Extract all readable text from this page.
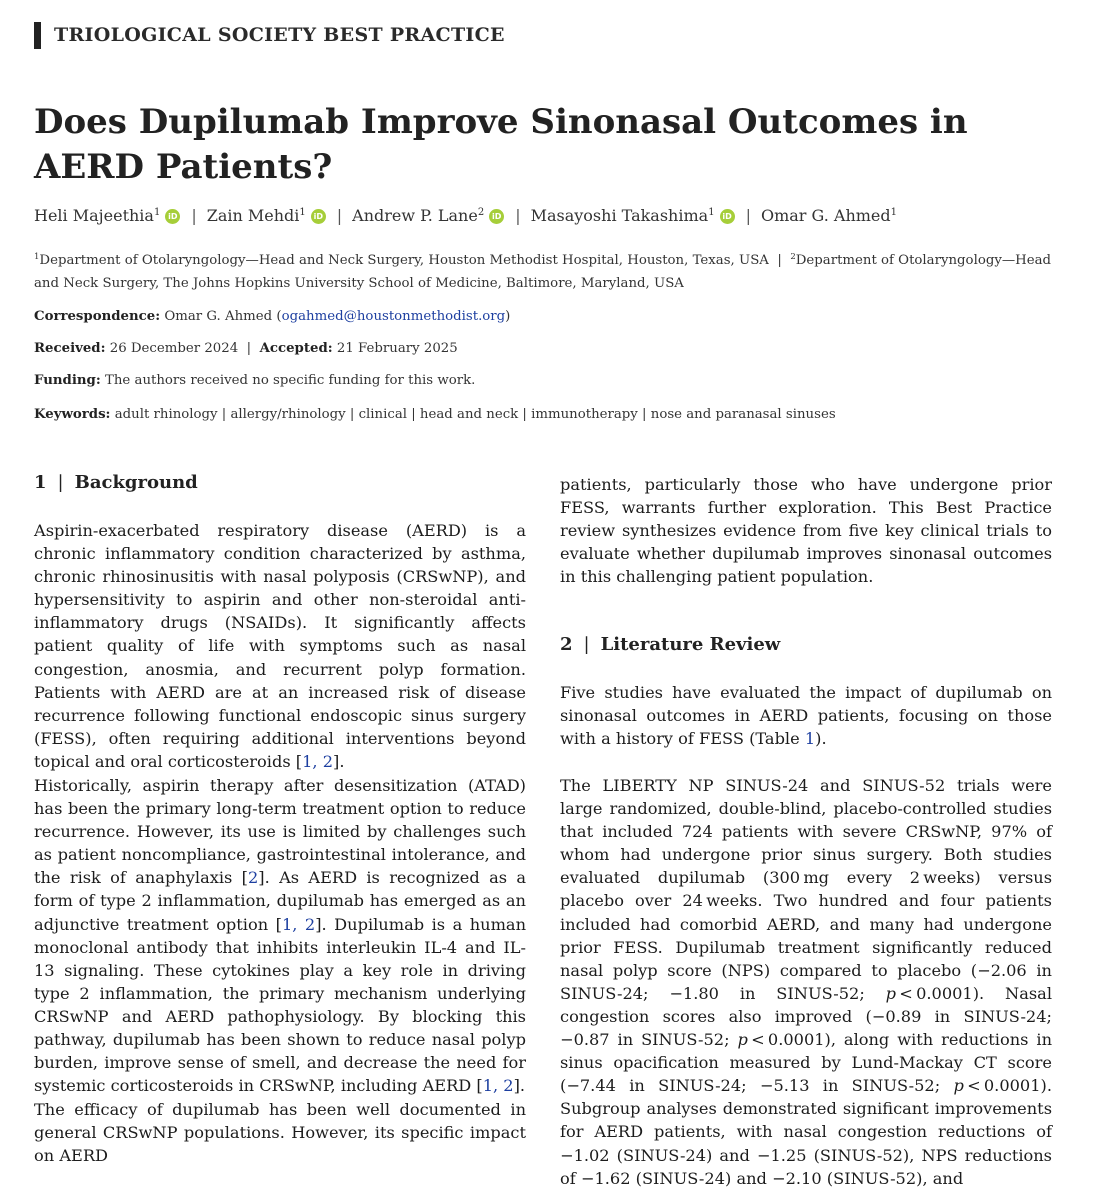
TRIOLOGICAL SOCIETY BEST PRACTICE
Does Dupilumab Improve Sinonasal Outcomes in AERD Patients?
Heli Majeethia$^1$ iD | Zain Mehdi$^1$ iD | Andrew P. Lane$^2$ iD | Masayoshi Takashima$^1$ iD | Omar G. Ahmed$^1$
$^1$Department of Otolaryngology—Head and Neck Surgery, Houston Methodist Hospital, Houston, Texas, USA | $^2$Department of Otolaryngology—Head and Neck Surgery, The Johns Hopkins University School of Medicine, Baltimore, Maryland, USA
Correspondence: Omar G. Ahmed (ogahmed@houstonmethodist.org)
Received: 26 December 2024 | Accepted: 21 February 2025
Funding: The authors received no specific funding for this work.
Keywords: adult rhinology | allergy/rhinology | clinical | head and neck | immunotherapy | nose and paranasal sinuses
1 | Background

Aspirin-exacerbated respiratory disease (AERD) is a chronic inflammatory condition characterized by asthma, chronic rhinosinusitis with nasal polyposis (CRSwNP), and hypersensitivity to aspirin and other non-steroidal anti-inflammatory drugs (NSAIDs). It significantly affects patient quality of life with symptoms such as nasal congestion, anosmia, and recurrent polyp formation. Patients with AERD are at an increased risk of disease recurrence following functional endoscopic sinus surgery (FESS), often requiring additional interventions beyond topical and oral corticosteroids [1, 2].

Historically, aspirin therapy after desensitization (ATAD) has been the primary long-term treatment option to reduce recurrence. However, its use is limited by challenges such as patient noncompliance, gastrointestinal intolerance, and the risk of anaphylaxis [2]. As AERD is recognized as a form of type 2 inflammation, dupilumab has emerged as an adjunctive treatment option [1, 2]. Dupilumab is a human monoclonal antibody that inhibits interleukin IL-4 and IL-13 signaling. These cytokines play a key role in driving type 2 inflammation, the primary mechanism underlying CRSwNP and AERD pathophysiology. By blocking this pathway, dupilumab has been shown to reduce nasal polyp burden, improve sense of smell, and decrease the need for systemic corticosteroids in CRSwNP, including AERD [1, 2].

The efficacy of dupilumab has been well documented in general CRSwNP populations. However, its specific impact on AERD

patients, particularly those who have undergone prior FESS, warrants further exploration. This Best Practice review synthesizes evidence from five key clinical trials to evaluate whether dupilumab improves sinonasal outcomes in this challenging patient population.

2 | Literature Review

Five studies have evaluated the impact of dupilumab on sinonasal outcomes in AERD patients, focusing on those with a history of FESS (Table 1).

The LIBERTY NP SINUS-24 and SINUS-52 trials were large randomized, double-blind, placebo-controlled studies that included 724 patients with severe CRSwNP, 97% of whom had undergone prior sinus surgery. Both studies evaluated dupilumab (300 mg every 2 weeks) versus placebo over 24 weeks. Two hundred and four patients included had comorbid AERD, and many had undergone prior FESS. Dupilumab treatment significantly reduced nasal polyp score (NPS) compared to placebo (−2.06 in SINUS-24; −1.80 in SINUS-52; p < 0.0001). Nasal congestion scores also improved (−0.89 in SINUS-24; −0.87 in SINUS-52; p < 0.0001), along with reductions in sinus opacification measured by Lund-Mackay CT score (−7.44 in SINUS-24; −5.13 in SINUS-52; p < 0.0001). Subgroup analyses demonstrated significant improvements for AERD patients, with nasal congestion reductions of −1.02 (SINUS-24) and −1.25 (SINUS-52), NPS reductions of −1.62 (SINUS-24) and −2.10 (SINUS-52), and
